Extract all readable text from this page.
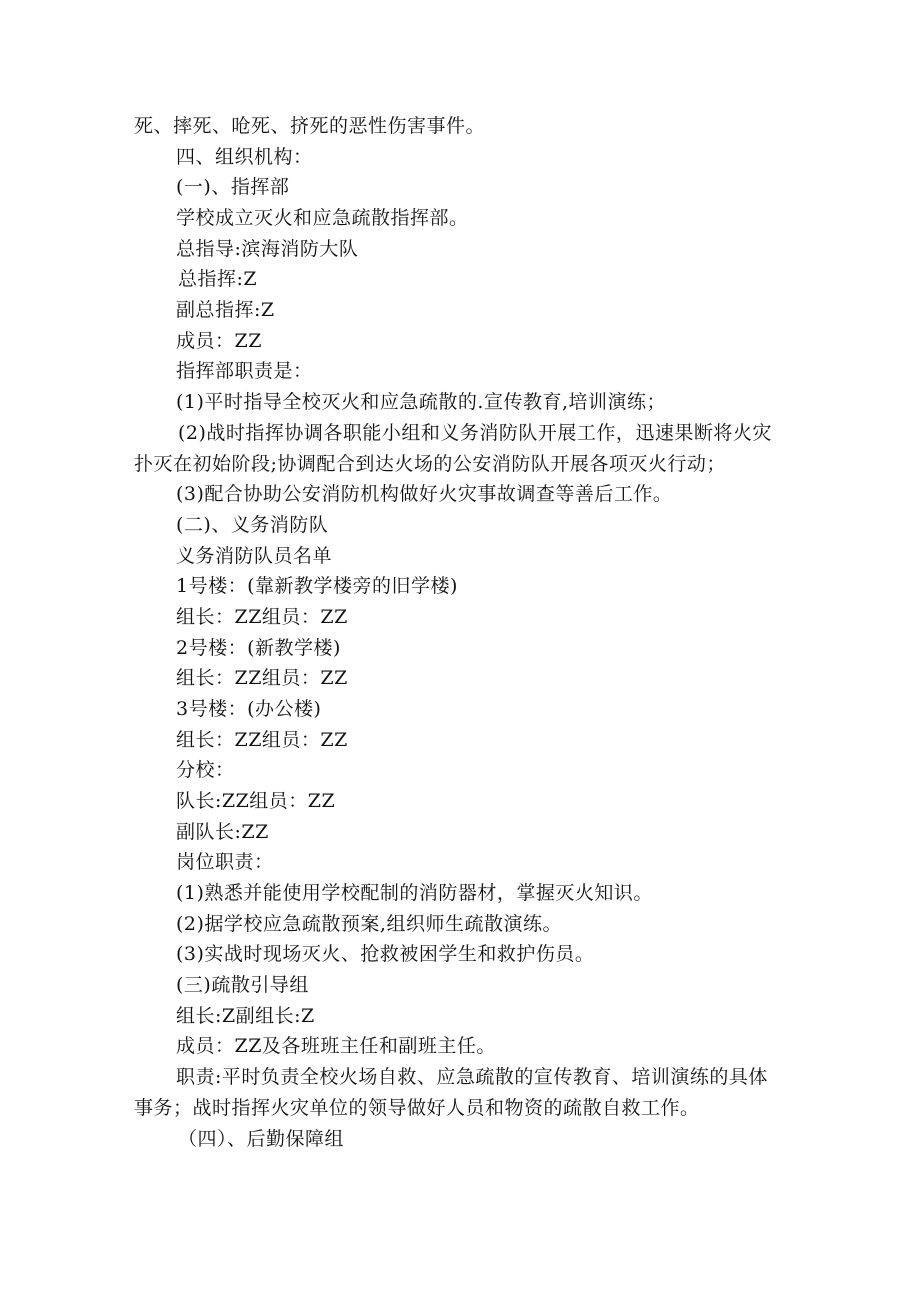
死、摔死、呛死、挤死的恶性伤害事件。
四、组织机构：
(一)、指挥部
学校成立灭火和应急疏散指挥部。
总指导:滨海消防大队
总指挥:Z
副总指挥:Z
成员：ZZ
指挥部职责是：
(1)平时指导全校灭火和应急疏散的.宣传教育,培训演练；
(2)战时指挥协调各职能小组和义务消防队开展工作，迅速果断将火灾
扑灭在初始阶段;协调配合到达火场的公安消防队开展各项灭火行动；
(3)配合协助公安消防机构做好火灾事故调查等善后工作。
(二)、义务消防队
义务消防队员名单
1号楼：(靠新教学楼旁的旧学楼)
组长：ZZ组员：ZZ
2号楼：(新教学楼)
组长：ZZ组员：ZZ
3号楼：(办公楼)
组长：ZZ组员：ZZ
分校：
队长:ZZ组员：ZZ
副队长:ZZ
岗位职责：
(1)熟悉并能使用学校配制的消防器材，掌握灭火知识。
(2)据学校应急疏散预案,组织师生疏散演练。
(3)实战时现场灭火、抢救被困学生和救护伤员。
(三)疏散引导组
组长:Z副组长:Z
成员：ZZ及各班班主任和副班主任。
职责:平时负责全校火场自救、应急疏散的宣传教育、培训演练的具体
事务；战时指挥火灾单位的领导做好人员和物资的疏散自救工作。
（四）、后勤保障组
